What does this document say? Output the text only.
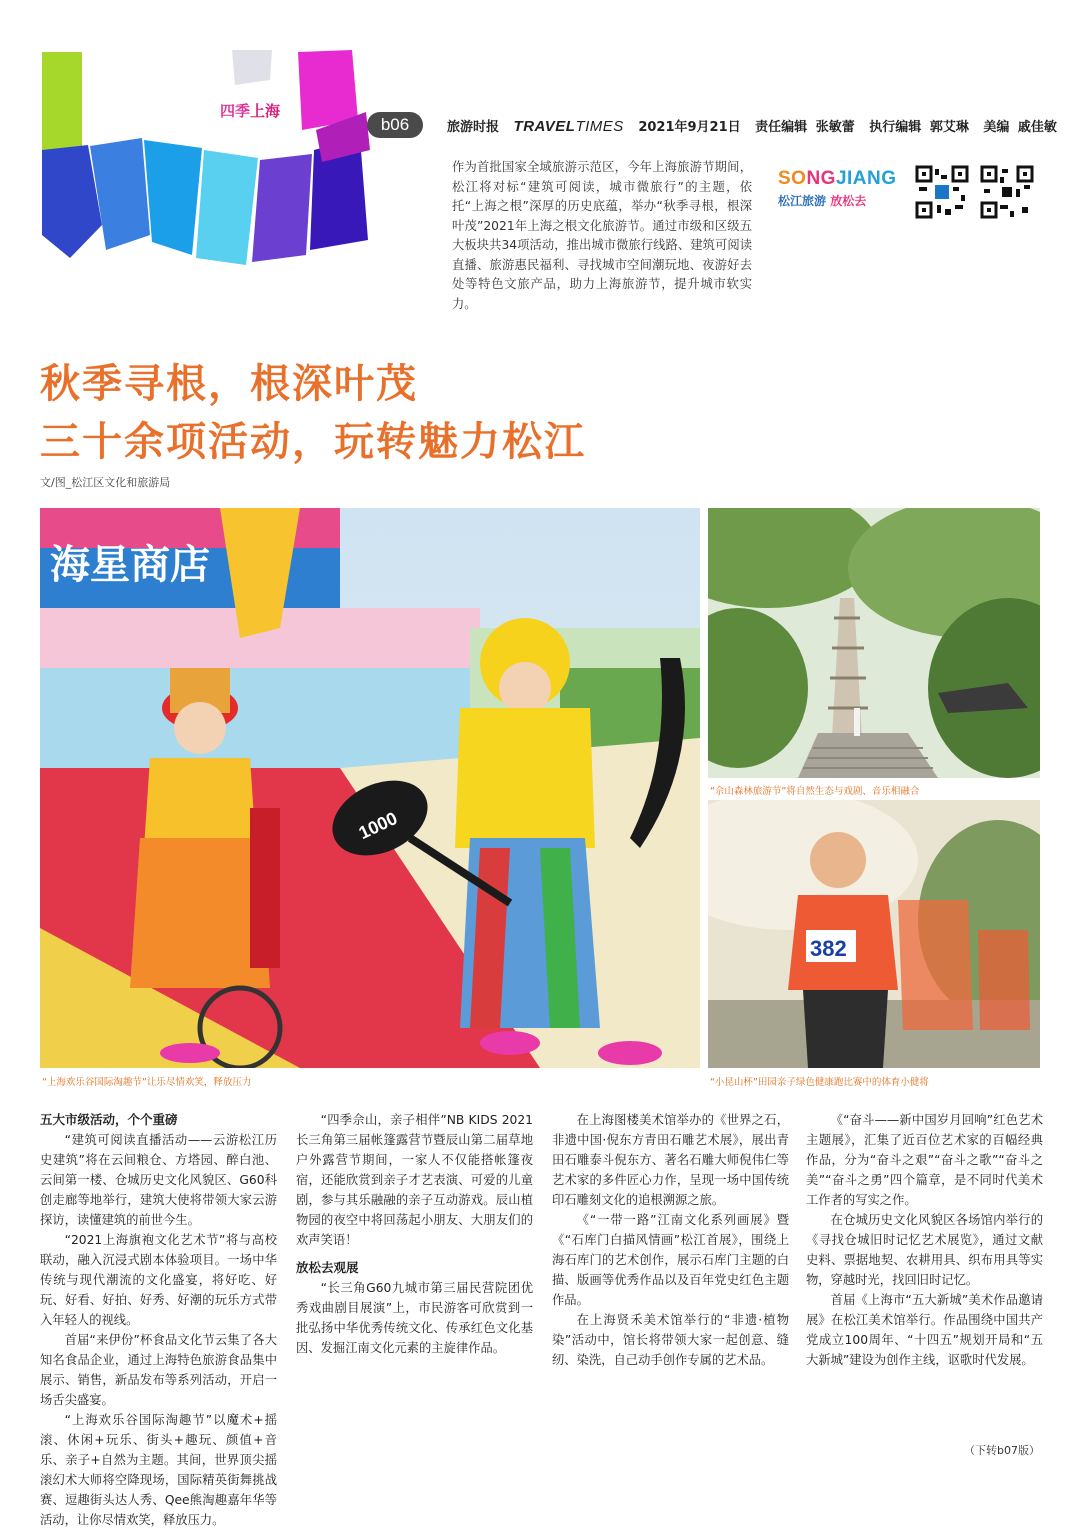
四季上海
b06	旅游时报 TRAVELTIMES 2021年9月21日 责任编辑 张敏蕾 执行编辑 郭艾琳 美编 戚佳敏
作为首批国家全域旅游示范区，今年上海旅游节期间，松江将对标“建筑可阅读，城市微旅行”的主题，依托“上海之根”深厚的历史底蕴，举办“秋季寻根，根深叶茂”2021年上海之根文化旅游节。通过市级和区级五大板块共34项活动，推出城市微旅行线路、建筑可阅读直播、旅游惠民福利、寻找城市空间潮玩地、夜游好去处等特色文旅产品，助力上海旅游节，提升城市软实力。
SONGJIANG
松江旅游 放松去
秋季寻根，根深叶茂
三十余项活动，玩转魅力松江
文/图_松江区文化和旅游局
1000
海星商店
“上海欢乐谷国际淘趣节”让乐尽情欢笑，释放压力
“佘山森林旅游节”将自然生态与戏剧、音乐相融合
382
“小昆山杯”田园亲子绿色健康跑比赛中的体育小健将
五大市级活动，个个重磅

“建筑可阅读直播活动——云游松江历史建筑”将在云间粮仓、方塔园、醉白池、云间第一楼、仓城历史文化风貌区、G60科创走廊等地举行，建筑大使将带领大家云游探访，读懂建筑的前世今生。

“2021上海旗袍文化艺术节”将与高校联动，融入沉浸式剧本体验项目。一场中华传统与现代潮流的文化盛宴，将好吃、好玩、好看、好拍、好秀、好潮的玩乐方式带入年轻人的视线。

首届“来伊份”杯食品文化节云集了各大知名食品企业，通过上海特色旅游食品集中展示、销售，新品发布等系列活动，开启一场舌尖盛宴。

“上海欢乐谷国际淘趣节”以魔术+摇滚、休闲+玩乐、街头+趣玩、颜值+音乐、亲子+自然为主题。其间，世界顶尖摇滚幻术大师将空降现场，国际精英街舞挑战赛、逗趣街头达人秀、Qee熊淘趣嘉年华等活动，让你尽情欢笑，释放压力。

“四季佘山，亲子相伴”NB KIDS 2021长三角第三届帐篷露营节暨辰山第二届草地户外露营节期间，一家人不仅能搭帐篷夜宿，还能欣赏到亲子才艺表演、可爱的儿童剧，参与其乐融融的亲子互动游戏。辰山植物园的夜空中将回荡起小朋友、大朋友们的欢声笑语！

放松去观展

“长三角G60九城市第三届民营院团优秀戏曲剧目展演”上，市民游客可欣赏到一批弘扬中华优秀传统文化、传承红色文化基因、发掘江南文化元素的主旋律作品。

在上海图楼美术馆举办的《世界之石，非遗中国·倪东方青田石雕艺术展》，展出青田石雕泰斗倪东方、著名石雕大师倪伟仁等艺术家的多件匠心力作，呈现一场中国传统印石雕刻文化的追根溯源之旅。

《“一带一路”江南文化系列画展》暨《“石库门白描风情画”松江首展》，围绕上海石库门的艺术创作，展示石库门主题的白描、版画等优秀作品以及百年党史红色主题作品。

在上海贤禾美术馆举行的“非遗·植物染”活动中，馆长将带领大家一起创意、缝纫、染洗，自己动手创作专属的艺术品。

《“奋斗——新中国岁月回响”红色艺术主题展》，汇集了近百位艺术家的百幅经典作品，分为“奋斗之艰”“奋斗之歌”“奋斗之美”“奋斗之勇”四个篇章，是不同时代美术工作者的写实之作。

在仓城历史文化风貌区各场馆内举行的《寻找仓城旧时记忆艺术展览》，通过文献史料、票据地契、农耕用具、织布用具等实物，穿越时光，找回旧时记忆。

首届《上海市“五大新城”美术作品邀请展》在松江美术馆举行。作品围绕中国共产党成立100周年、“十四五”规划开局和“五大新城”建设为创作主线，讴歌时代发展。

（下转b07版）
